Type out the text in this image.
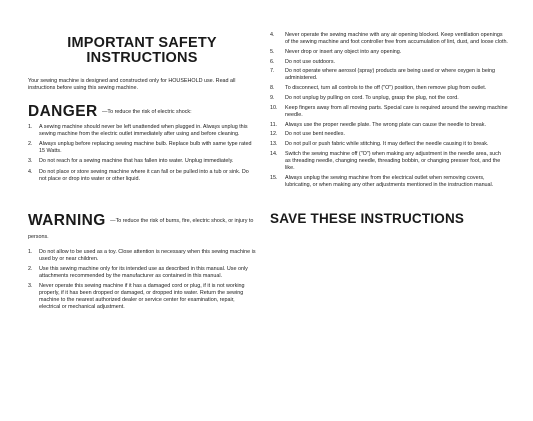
IMPORTANT SAFETY
INSTRUCTIONS
Your sewing machine is designed and constructed only for HOUSEHOLD use. Read all instructions before using this sewing machine.
DANGER —To reduce the risk of electric shock:
1. A sewing machine should never be left unattended when plugged in. Always unplug this sewing machine from the electric outlet immediately after using and before cleaning.
2. Always unplug before replacing sewing machine bulb. Replace bulb with same type rated 15 Watts.
3. Do not reach for a sewing machine that has fallen into water. Unplug immediately.
4. Do not place or store sewing machine where it can fall or be pulled into a tub or sink. Do not place or drop into water or other liquid.
WARNING —To reduce the risk of burns, fire, electric shock, or injury to persons.
1. Do not allow to be used as a toy. Close attention is necessary when this sewing machine is used by or near children.
2. Use this sewing machine only for its intended use as described in this manual. Use only attachments recommended by the manufacturer as contained in this manual.
3. Never operate this sewing machine if it has a damaged cord or plug, if it is not working properly, if it has been dropped or damaged, or dropped into water. Return the sewing machine to the nearest authorized dealer or service center for examination, repair, electrical or mechanical adjustment.
4. Never operate the sewing machine with any air opening blocked. Keep ventilation openings of the sewing machine and foot controller free from accumulation of lint, dust, and loose cloth.
5. Never drop or insert any object into any opening.
6. Do not use outdoors.
7. Do not operate where aerosol (spray) products are being used or where oxygen is being administered.
8. To disconnect, turn all controls to the off ("O") position, then remove plug from outlet.
9. Do not unplug by pulling on cord. To unplug, grasp the plug, not the cord.
10. Keep fingers away from all moving parts. Special care is required around the sewing machine needle.
11. Always use the proper needle plate. The wrong plate can cause the needle to break.
12. Do not use bent needles.
13. Do not pull or push fabric while stitching. It may deflect the needle causing it to break.
14. Switch the sewing machine off ("O") when making any adjustment in the needle area, such as threading needle, changing needle, threading bobbin, or changing presser foot, and the like.
15. Always unplug the sewing machine from the electrical outlet when removing covers, lubricating, or when making any other adjustments mentioned in the instruction manual.
SAVE THESE INSTRUCTIONS
